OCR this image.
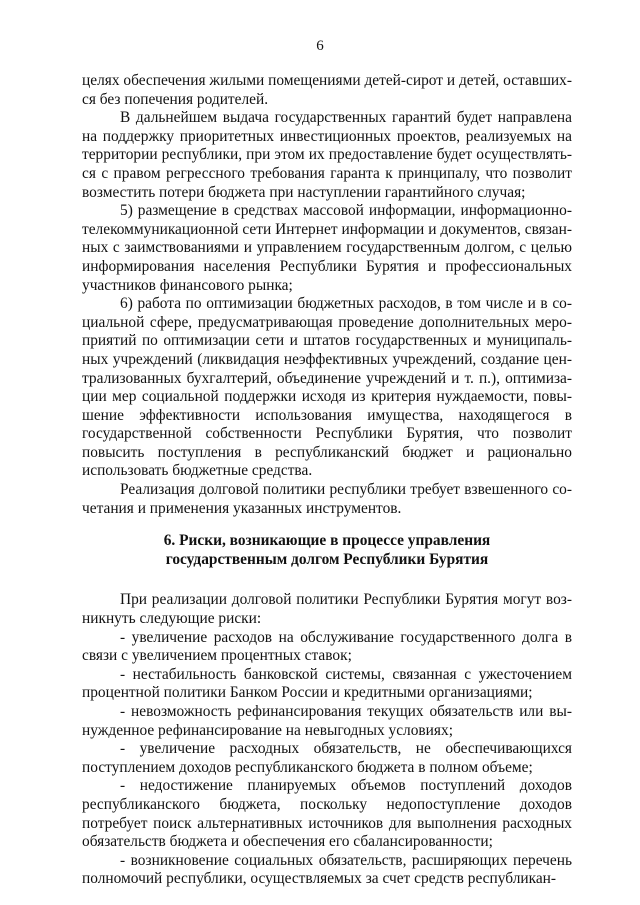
6

целях обеспечения жилыми помещениями детей-сирот и детей, оставшихся без попечения родителей.

В дальнейшем выдача государственных гарантий будет направлена на поддержку приоритетных инвестиционных проектов, реализуемых на территории республики, при этом их предоставление будет осуществляться с правом регрессного требования гаранта к принципалу, что позволит возместить потери бюджета при наступлении гарантийного случая;

5) размещение в средствах массовой информации, информационно-телекоммуникационной сети Интернет информации и документов, связанных с заимствованиями и управлением государственным долгом, с целью информирования населения Республики Бурятия и профессиональных участников финансового рынка;

6) работа по оптимизации бюджетных расходов, в том числе и в социальной сфере, предусматривающая проведение дополнительных мероприятий по оптимизации сети и штатов государственных и муниципальных учреждений (ликвидация неэффективных учреждений, создание централизованных бухгалтерий, объединение учреждений и т. п.), оптимизации мер социальной поддержки исходя из критерия нуждаемости, повышение эффективности использования имущества, находящегося в государственной собственности Республики Бурятия, что позволит повысить поступления в республиканский бюджет и рационально использовать бюджетные средства.

Реализация долговой политики республики требует взвешенного сочетания и применения указанных инструментов.

6. Риски, возникающие в процессе управления
государственным долгом Республики Бурятия

При реализации долговой политики Республики Бурятия могут возникнуть следующие риски:

- увеличение расходов на обслуживание государственного долга в связи с увеличением процентных ставок;

- нестабильность банковской системы, связанная с ужесточением процентной политики Банком России и кредитными организациями;

- невозможность рефинансирования текущих обязательств или вынужденное рефинансирование на невыгодных условиях;

- увеличение расходных обязательств, не обеспечивающихся поступлением доходов республиканского бюджета в полном объеме;

- недостижение планируемых объемов поступлений доходов республиканского бюджета, поскольку недопоступление доходов потребует поиск альтернативных источников для выполнения расходных обязательств бюджета и обеспечения его сбалансированности;

- возникновение социальных обязательств, расширяющих перечень полномочий республики, осуществляемых за счет средств республикан-
